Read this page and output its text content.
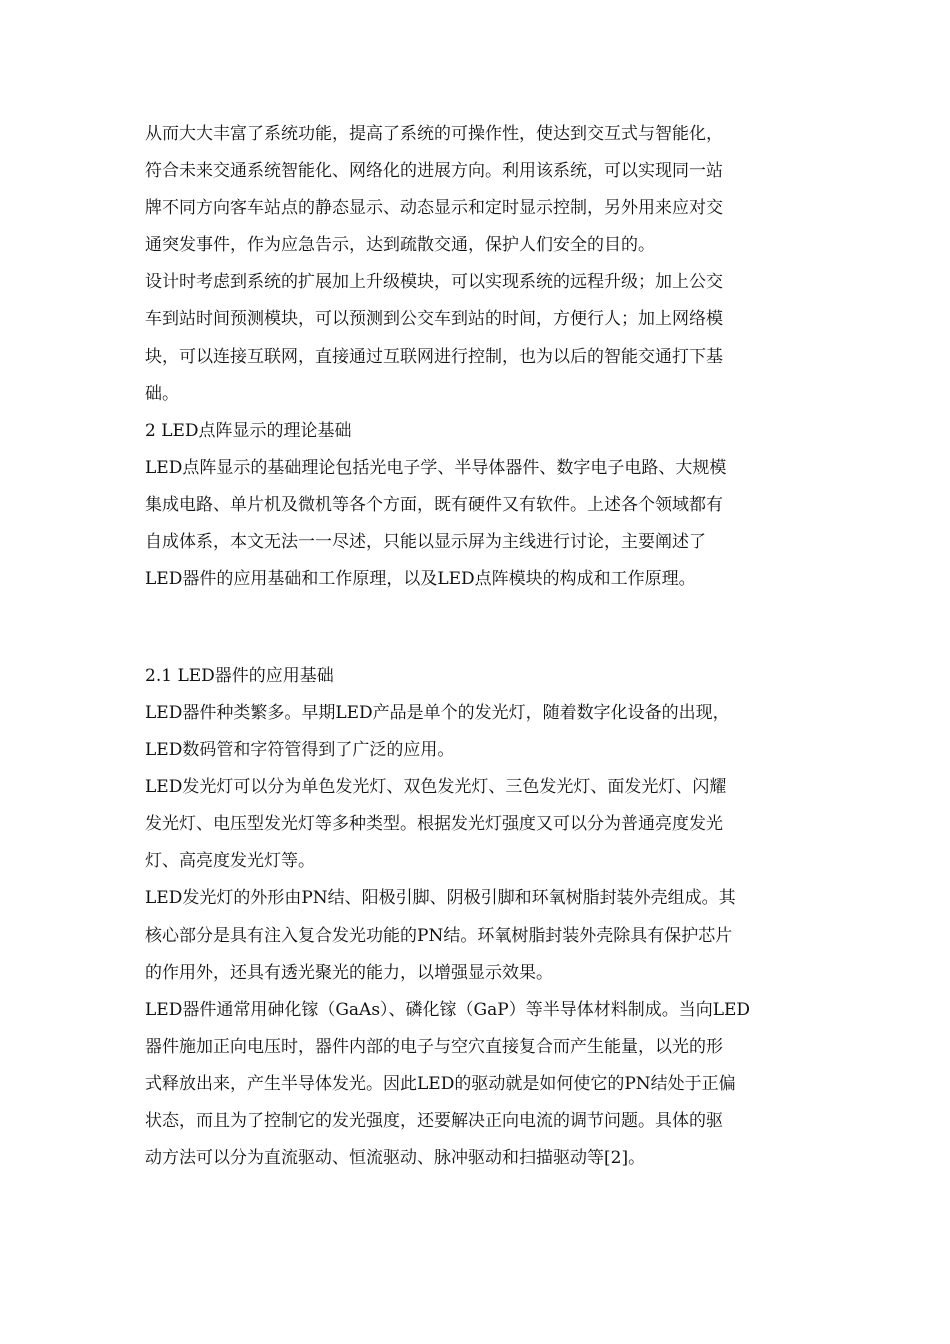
从而大大丰富了系统功能，提高了系统的可操作性，使达到交互式与智能化，
符合未来交通系统智能化、网络化的进展方向。利用该系统，可以实现同一站
牌不同方向客车站点的静态显示、动态显示和定时显示控制，另外用来应对交
通突发事件，作为应急告示，达到疏散交通，保护人们安全的目的。
设计时考虑到系统的扩展加上升级模块，可以实现系统的远程升级；加上公交
车到站时间预测模块，可以预测到公交车到站的时间，方便行人；加上网络模
块，可以连接互联网，直接通过互联网进行控制，也为以后的智能交通打下基
础。
2 LED点阵显示的理论基础
LED点阵显示的基础理论包括光电子学、半导体器件、数字电子电路、大规模
集成电路、单片机及微机等各个方面，既有硬件又有软件。上述各个领域都有
自成体系，本文无法一一尽述，只能以显示屏为主线进行讨论，主要阐述了
LED器件的应用基础和工作原理，以及LED点阵模块的构成和工作原理。
2.1 LED器件的应用基础
LED器件种类繁多。早期LED产品是单个的发光灯，随着数字化设备的出现，
LED数码管和字符管得到了广泛的应用。
LED发光灯可以分为单色发光灯、双色发光灯、三色发光灯、面发光灯、闪耀
发光灯、电压型发光灯等多种类型。根据发光灯强度又可以分为普通亮度发光
灯、高亮度发光灯等。
LED发光灯的外形由PN结、阳极引脚、阴极引脚和环氧树脂封装外壳组成。其
核心部分是具有注入复合发光功能的PN结。环氧树脂封装外壳除具有保护芯片
的作用外，还具有透光聚光的能力，以增强显示效果。
LED器件通常用砷化镓（GaAs）、磷化镓（GaP）等半导体材料制成。当向LED
器件施加正向电压时，器件内部的电子与空穴直接复合而产生能量，以光的形
式释放出来，产生半导体发光。因此LED的驱动就是如何使它的PN结处于正偏
状态，而且为了控制它的发光强度，还要解决正向电流的调节问题。具体的驱
动方法可以分为直流驱动、恒流驱动、脉冲驱动和扫描驱动等[2]。
